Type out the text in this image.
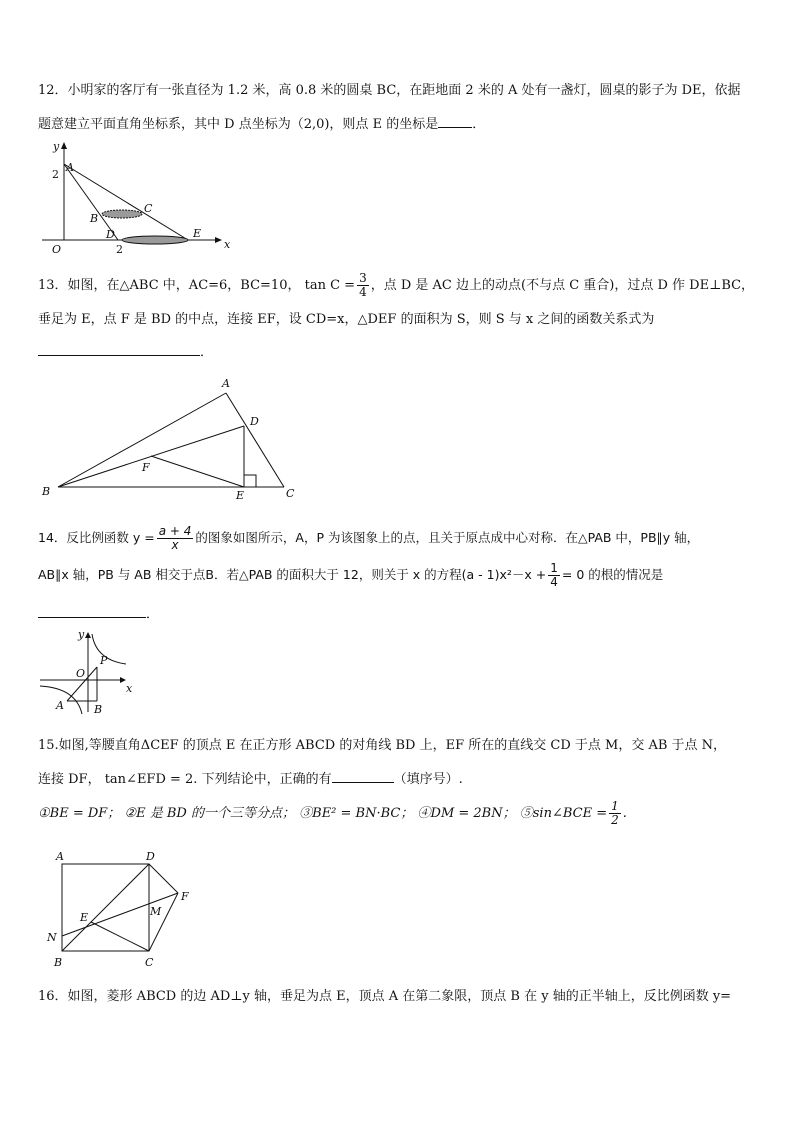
12．小明家的客厅有一张直径为 1.2 米，高 0.8 米的圆桌 BC，在距地面 2 米的 A 处有一盏灯，圆桌的影子为 DE，依据
题意建立平面直角坐标系，其中 D 点坐标为（2,0)，则点 E 的坐标是	．
y
x
A
2
B
C
D	E
O	2
13．如图，在△ABC 中，AC=6，BC=10， $\tan C = \frac{3}{4}$ ，点 D 是 AC 边上的动点(不与点 C 重合)，过点 D 作 DE⊥BC，
垂足为 E，点 F 是 BD 的中点，连接 EF，设 CD=x，△DEF 的面积为 S，则 S 与 x 之间的函数关系式为
．
A
B	C
D
E
F
14．反比例函数 $y = \frac{a + 4}{x}$ 的图象如图所示，A，P 为该图象上的点，且关于原点成中心对称．在△PAB 中，PB∥y 轴，
AB∥x 轴，PB 与 AB 相交于点B．若△PAB 的面积大于 12，则关于 x 的方程$(a - 1)x^2-x + \frac{1}{4} = 0$ 的根的情况是
．
y
x
O
P
A	B
15.如图,等腰直角ΔCEF 的顶点 E 在正方形 ABCD 的对角线 BD 上，EF 所在的直线交 CD 于点 M，交 AB 于点 N，
连接 DF， tan∠EFD = 2. 下列结论中，正确的有	（填序号）.
①BE = DF； ②E 是 BD 的一个三等分点； ③BE² = BN·BC； ④DM = 2BN； ⑤sin∠BCE = $\frac{1}{2}$ .
A	D
B	C
E
F
M
N
16．如图，菱形 ABCD 的边 AD⊥y 轴，垂足为点 E，顶点 A 在第二象限，顶点 B 在 y 轴的正半轴上，反比例函数 y=
